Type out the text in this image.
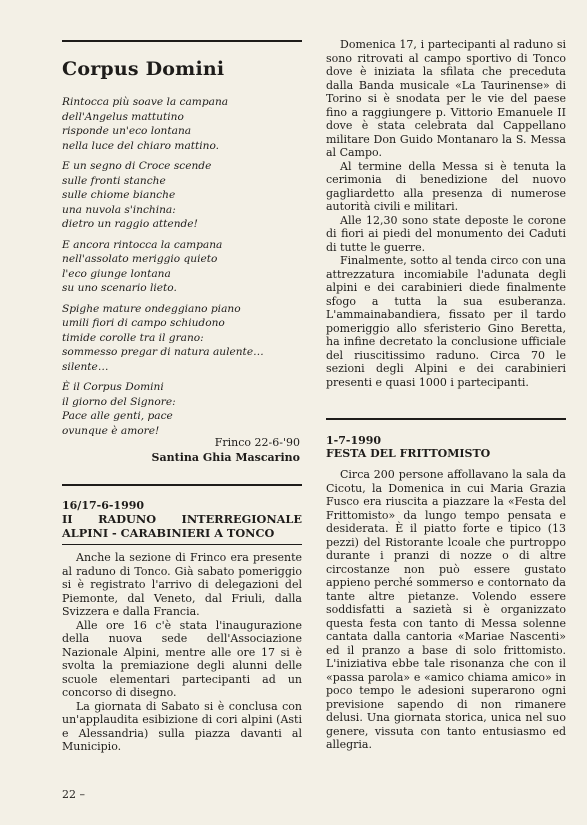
Corpus Domini
Rintocca più soave la campana
dell'Angelus mattutino
risponde un'eco lontana
nella luce del chiaro mattino.
E un segno di Croce scende
sulle fronti stanche
sulle chiome bianche
una nuvola s'inchina:
dietro un raggio attende!
E ancora rintocca la campana
nell'assolato meriggio quieto
l'eco giunge lontana
su uno scenario lieto.
Spighe mature ondeggiano piano
umili fiori di campo schiudono
timide corolle tra il grano:
sommesso pregar di natura aulente…
silente…
È il Corpus Domini
il giorno del Signore:
Pace alle genti, pace
ovunque è amore!
Frinco 22-6-'90
Santina Ghia Mascarino
16/17-6-1990
II RADUNO INTERREGIONALE
ALPINI - CARABINIERI A TONCO

Anche la sezione di Frinco era presente al raduno di Tonco. Già sabato pomeriggio si è registrato l'arrivo di delegazioni del Piemonte, dal Veneto, dal Friuli, dalla Svizzera e dalla Francia.

Alle ore 16 c'è stata l'inaugurazione della nuova sede dell'Associazione Nazionale Alpini, mentre alle ore 17 si è svolta la premiazione degli alunni delle scuole elementari partecipanti ad un concorso di disegno.

La giornata di Sabato si è conclusa con un'applaudita esibizione di cori alpini (Asti e Alessandria) sulla piazza davanti al Municipio.

Domenica 17, i partecipanti al raduno si sono ritrovati al campo sportivo di Tonco dove è iniziata la sfilata che preceduta dalla Banda musicale «La Taurinense» di Torino si è snodata per le vie del paese fino a raggiungere p. Vittorio Emanuele II dove è stata celebrata dal Cappellano militare Don Guido Montanaro la S. Messa al Campo.

Al termine della Messa si è tenuta la cerimonia di benedizione del nuovo gagliardetto alla presenza di numerose autorità civili e militari.

Alle 12,30 sono state deposte le corone di fiori ai piedi del monumento dei Caduti di tutte le guerre.

Finalmente, sotto al tenda circo con una attrezzatura incomiabile l'adunata degli alpini e dei carabinieri diede finalmente sfogo a tutta la sua esuberanza. L'ammainabandiera, fissato per il tardo pomeriggio allo sferisterio Gino Beretta, ha infine decretato la conclusione ufficiale del riuscitissimo raduno. Circa 70 le sezioni degli Alpini e dei carabinieri presenti e quasi 1000 i partecipanti.

1-7-1990
FESTA DEL FRITTOMISTO

Circa 200 persone affollavano la sala da Cicotu, la Domenica in cui Maria Grazia Fusco era riuscita a piazzare la «Festa del Frittomisto» da lungo tempo pensata e desiderata. È il piatto forte e tipico (13 pezzi) del Ristorante lcoale che purtroppo durante i pranzi di nozze o di altre circostanze non può essere gustato appieno perché sommerso e contornato da tante altre pietanze. Volendo essere soddisfatti a sazietà si è organizzato questa festa con tanto di Messa solenne cantata dalla cantoria «Mariae Nascenti» ed il pranzo a base di solo frittomisto. L'iniziativa ebbe tale risonanza che con il «passa parola» e «amico chiama amico» in poco tempo le adesioni superarono ogni previsione sapendo di non rimanere delusi. Una giornata storica, unica nel suo genere, vissuta con tanto entusiasmo ed allegria.

22 –
